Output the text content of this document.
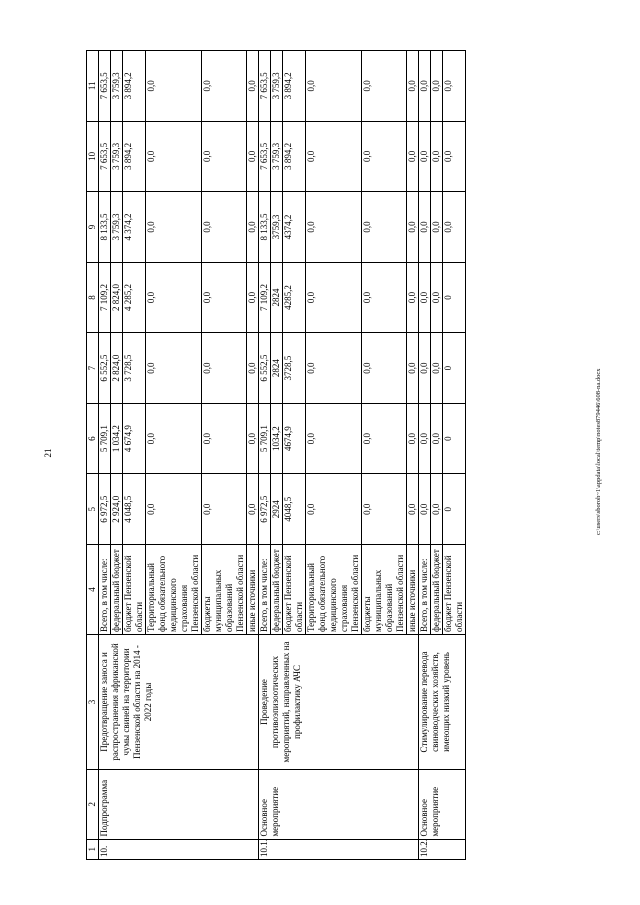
21	c:\users\sboroh~1\appdata\local\temp\notes879446\608-na.docx
1	2	3	4	5	6	7	8	9	10	11
10.	Подпрограмма	Предотвращение заноса и распространения африканской чумы свиней на территории Пензенской области на 2014 - 2022 годы	Всего, в том числе:	6 972,5	5 709,1	6 552,5	7 109,2	8 133,5	7 653,5	7 653,5
			федеральный бюджет	2 924,0	1 034,2	2 824,0	2 824,0	3 759,3	3 759,3	3 759,3
			бюджет Пензенской области	4 048,5	4 674,9	3 728,5	4 285,2	4 374,2	3 894,2	3 894,2
			Территориальный фонд обязательного медицинского страхования Пензенской области	0,0	0,0	0,0	0,0	0,0	0,0	0,0
			бюджеты муниципальных образований Пензенской области	0,0	0,0	0,0	0,0	0,0	0,0	0,0
			иные источники	0,0	0,0	0,0	0,0	0,0	0,0	0,0
10.1.	Основное мероприятие	Проведение противоэпизоотических мероприятий, направленных на профилактику АЧС	Всего, в том числе:	6 972,5	5 709,1	6 552,5	7 109,2	8 133,5	7 653,5	7 653,5
			федеральный бюджет	2924	1034,2	2824	2824	3759,3	3 759,3	3 759,3
			бюджет Пензенской области	4048,5	4674,9	3728,5	4285,2	4374,2	3 894,2	3 894,2
			Территориальный фонд обязательного медицинского страхования Пензенской области	0,0	0,0	0,0	0,0	0,0	0,0	0,0
			бюджеты муниципальных образований Пензенской области	0,0	0,0	0,0	0,0	0,0	0,0	0,0
			иные источники	0,0	0,0	0,0	0,0	0,0	0,0	0,0
10.2.	Основное мероприятие	Стимулирование перевода свиноводческих хозяйств, имеющих низкий уровень	Всего, в том числе:	0,0	0,0	0,0	0,0	0,0	0,0	0,0
			федеральный бюджет	0,0	0,0	0,0	0,0	0,0	0,0	0,0
			бюджет Пензенской области	0	0	0	0	0,0	0,0	0,0
